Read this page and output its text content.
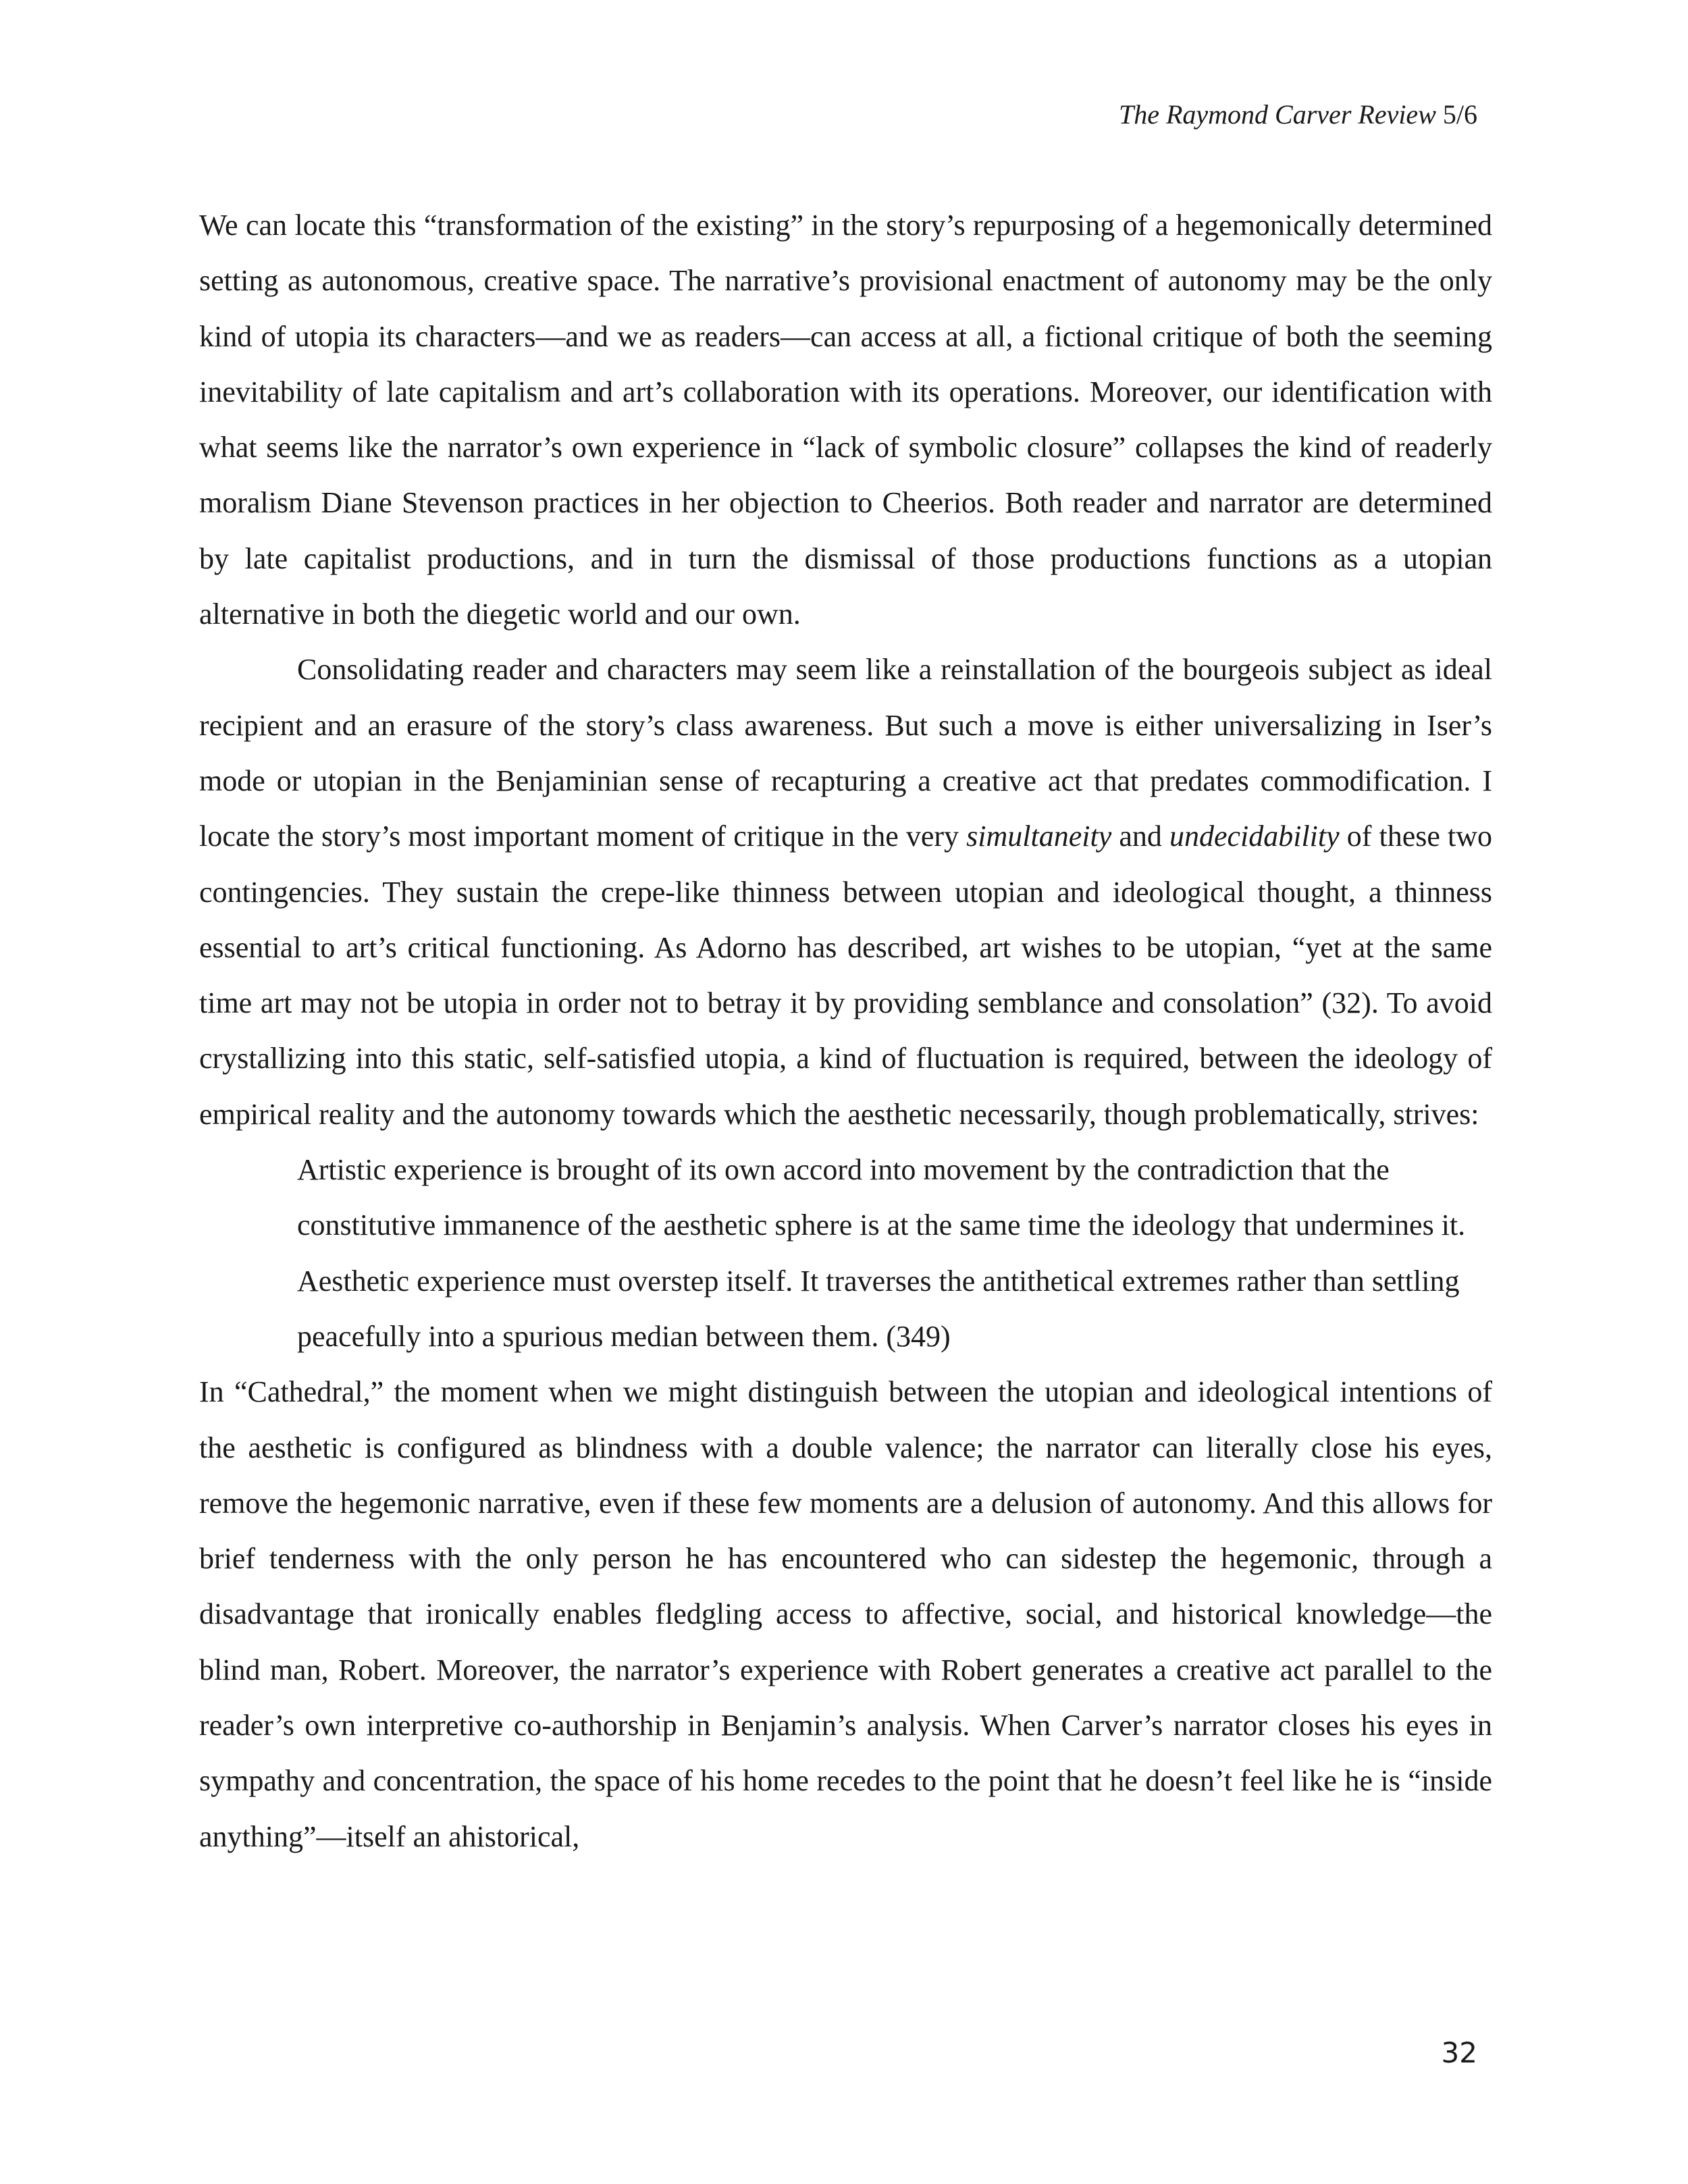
The Raymond Carver Review 5/6

We can locate this “transformation of the existing” in the story’s repurposing of a hegemonically determined setting as autonomous, creative space. The narrative’s provisional enactment of autonomy may be the only kind of utopia its characters—and we as readers—can access at all, a fictional critique of both the seeming inevitability of late capitalism and art’s collaboration with its operations. Moreover, our identification with what seems like the narrator’s own experience in “lack of symbolic closure” collapses the kind of readerly moralism Diane Stevenson practices in her objection to Cheerios. Both reader and narrator are determined by late capitalist productions, and in turn the dismissal of those productions functions as a utopian alternative in both the diegetic world and our own.

Consolidating reader and characters may seem like a reinstallation of the bourgeois subject as ideal recipient and an erasure of the story’s class awareness. But such a move is either universalizing in Iser’s mode or utopian in the Benjaminian sense of recapturing a creative act that predates commodification. I locate the story’s most important moment of critique in the very simultaneity and undecidability of these two contingencies. They sustain the crepe-like thinness between utopian and ideological thought, a thinness essential to art’s critical functioning. As Adorno has described, art wishes to be utopian, “yet at the same time art may not be utopia in order not to betray it by providing semblance and consolation” (32). To avoid crystallizing into this static, self-satisfied utopia, a kind of fluctuation is required, between the ideology of empirical reality and the autonomy towards which the aesthetic necessarily, though problematically, strives:

Artistic experience is brought of its own accord into movement by the contradiction that the constitutive immanence of the aesthetic sphere is at the same time the ideology that undermines it. Aesthetic experience must overstep itself. It traverses the antithetical extremes rather than settling peacefully into a spurious median between them. (349)

In “Cathedral,” the moment when we might distinguish between the utopian and ideological intentions of the aesthetic is configured as blindness with a double valence; the narrator can literally close his eyes, remove the hegemonic narrative, even if these few moments are a delusion of autonomy. And this allows for brief tenderness with the only person he has encountered who can sidestep the hegemonic, through a disadvantage that ironically enables fledgling access to affective, social, and historical knowledge—the blind man, Robert. Moreover, the narrator’s experience with Robert generates a creative act parallel to the reader’s own interpretive co-authorship in Benjamin’s analysis. When Carver’s narrator closes his eyes in sympathy and concentration, the space of his home recedes to the point that he doesn’t feel like he is “inside anything”—itself an ahistorical,

32
